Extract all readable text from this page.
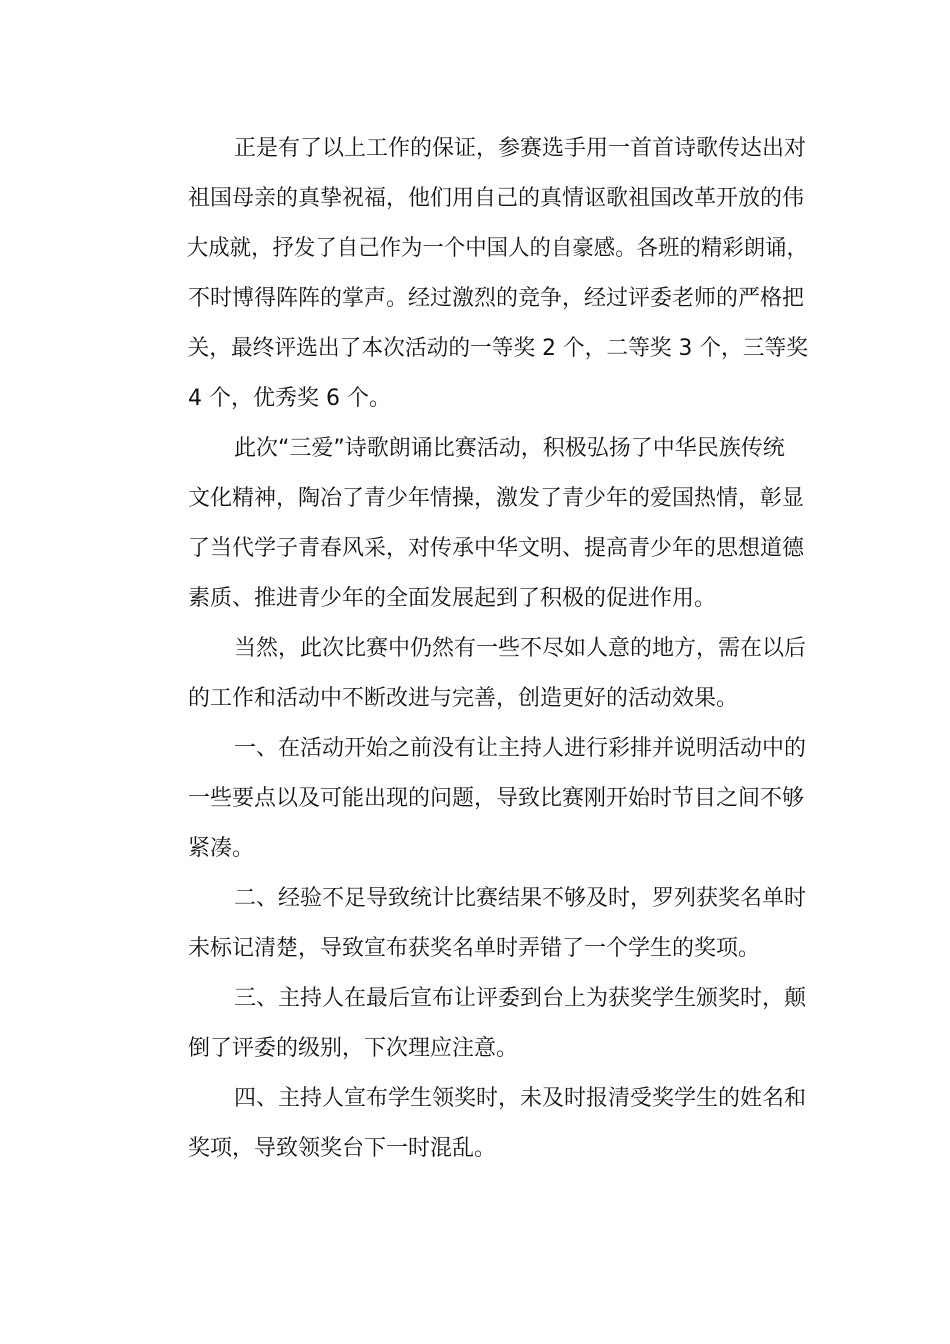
正是有了以上工作的保证，参赛选手用一首首诗歌传达出对
祖国母亲的真挚祝福，他们用自己的真情讴歌祖国改革开放的伟
大成就，抒发了自己作为一个中国人的自豪感。各班的精彩朗诵，
不时博得阵阵的掌声。经过激烈的竞争，经过评委老师的严格把
关，最终评选出了本次活动的一等奖 2 个，二等奖 3 个，三等奖
4 个，优秀奖 6 个。
此次“三爱”诗歌朗诵比赛活动，积极弘扬了中华民族传统
文化精神，陶冶了青少年情操，激发了青少年的爱国热情，彰显
了当代学子青春风采，对传承中华文明、提高青少年的思想道德
素质、推进青少年的全面发展起到了积极的促进作用。
当然，此次比赛中仍然有一些不尽如人意的地方，需在以后
的工作和活动中不断改进与完善，创造更好的活动效果。
一、在活动开始之前没有让主持人进行彩排并说明活动中的
一些要点以及可能出现的问题，导致比赛刚开始时节目之间不够
紧凑。
二、经验不足导致统计比赛结果不够及时，罗列获奖名单时
未标记清楚，导致宣布获奖名单时弄错了一个学生的奖项。
三、主持人在最后宣布让评委到台上为获奖学生颁奖时，颠
倒了评委的级别，下次理应注意。
四、主持人宣布学生领奖时，未及时报清受奖学生的姓名和
奖项，导致领奖台下一时混乱。
